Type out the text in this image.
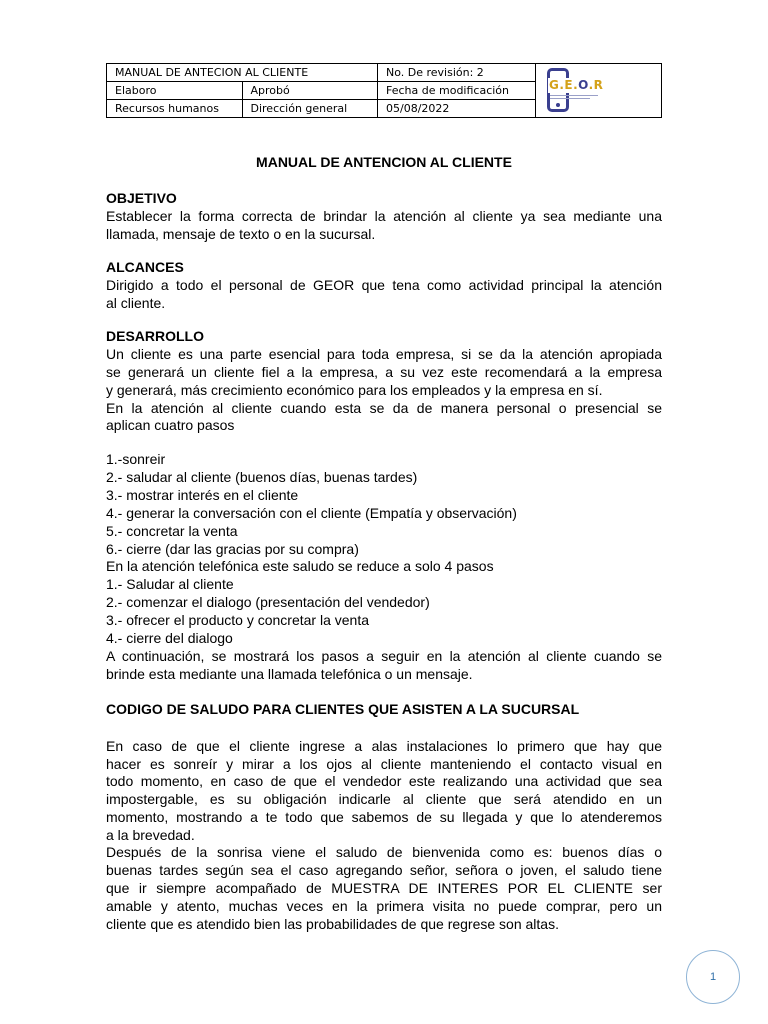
MANUAL DE ANTECION AL CLIENTE		No. De revisión: 2	G.E.O.R

Elaboro	Aprobó	Fecha de modificación	
Recursos humanos	Dirección general	05/08/2022	
MANUAL DE ANTENCION AL CLIENTE
OBJETIVO
Establecer la forma correcta de brindar la atención al cliente ya sea mediante una
llamada, mensaje de texto o en la sucursal.
ALCANCES
Dirigido a todo el personal de GEOR que tena como actividad principal la atención
al cliente.
DESARROLLO
Un cliente es una parte esencial para toda empresa, si se da la atención apropiada
se generará un cliente fiel a la empresa, a su vez este recomendará a la empresa
y generará, más crecimiento económico para los empleados y la empresa en sí.
En la atención al cliente cuando esta se da de manera personal o presencial se
aplican cuatro pasos
1.-sonreir
2.- saludar al cliente (buenos días, buenas tardes)
3.- mostrar interés en el cliente
4.- generar la conversación con el cliente (Empatía y observación)
5.- concretar la venta
6.- cierre (dar las gracias por su compra)
En la atención telefónica este saludo se reduce a solo 4 pasos
1.- Saludar al cliente
2.- comenzar el dialogo (presentación del vendedor)
3.- ofrecer el producto y concretar la venta
4.- cierre del dialogo
A continuación, se mostrará los pasos a seguir en la atención al cliente cuando se
brinde esta mediante una llamada telefónica o un mensaje.
CODIGO DE SALUDO PARA CLIENTES QUE ASISTEN A LA SUCURSAL
En caso de que el cliente ingrese a alas instalaciones lo primero que hay que
hacer es sonreír y mirar a los ojos al cliente manteniendo el contacto visual en
todo momento, en caso de que el vendedor este realizando una actividad que sea
impostergable, es su obligación indicarle al cliente que será atendido en un
momento, mostrando a te todo que sabemos de su llegada y que lo atenderemos
a la brevedad.
Después de la sonrisa viene el saludo de bienvenida como es: buenos días o
buenas tardes según sea el caso agregando señor, señora o joven, el saludo tiene
que ir siempre acompañado de MUESTRA DE INTERES POR EL CLIENTE ser
amable y atento, muchas veces en la primera visita no puede comprar, pero un
cliente que es atendido bien las probabilidades de que regrese son altas.
1
